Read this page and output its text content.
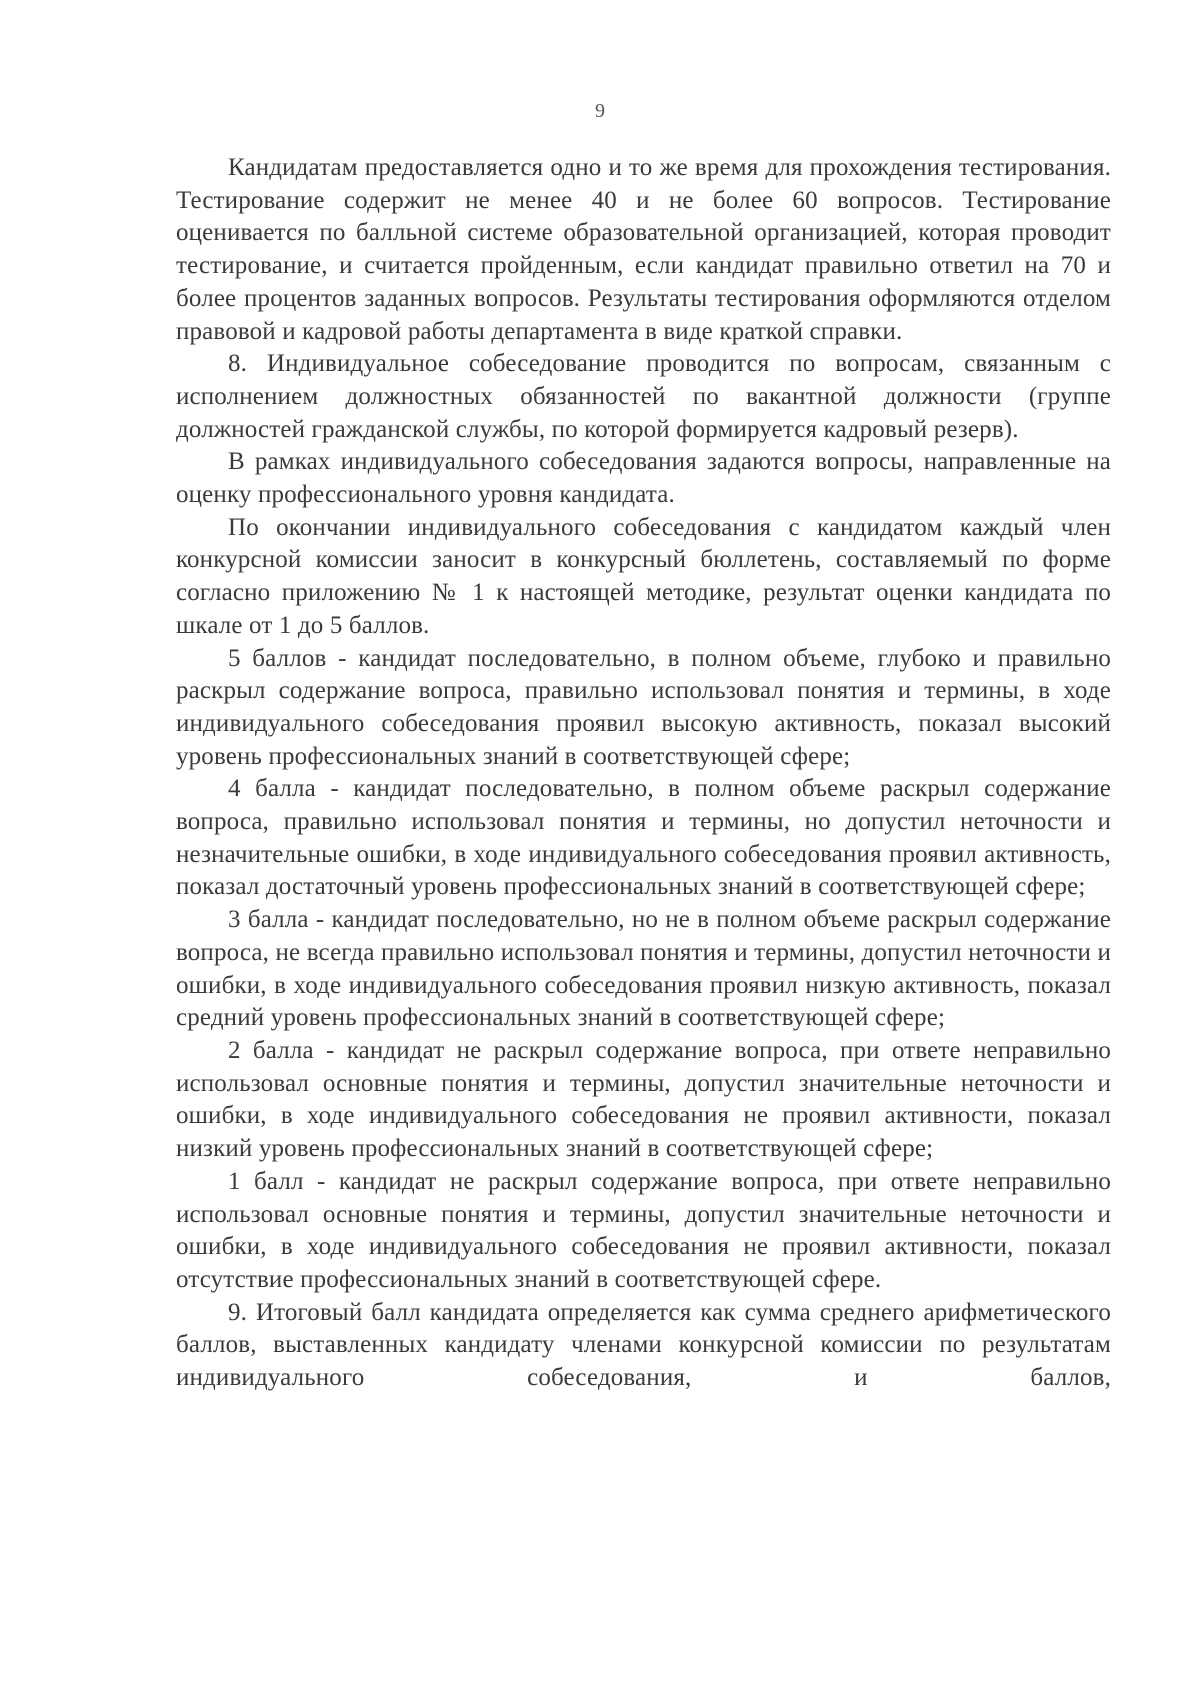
9

Кандидатам предоставляется одно и то же время для прохождения тестирования. Тестирование содержит не менее 40 и не более 60 вопросов. Тестирование оценивается по балльной системе образовательной организацией, которая проводит тестирование, и считается пройденным, если кандидат правильно ответил на 70 и более процентов заданных вопросов. Результаты тестирования оформляются отделом правовой и кадровой работы департамента в виде краткой справки.

8. Индивидуальное собеседование проводится по вопросам, связанным с исполнением должностных обязанностей по вакантной должности (группе должностей гражданской службы, по которой формируется кадровый резерв).

В рамках индивидуального собеседования задаются вопросы, направленные на оценку профессионального уровня кандидата.

По окончании индивидуального собеседования с кандидатом каждый член конкурсной комиссии заносит в конкурсный бюллетень, составляемый по форме согласно приложению № 1 к настоящей методике, результат оценки кандидата по шкале от 1 до 5 баллов.

5 баллов - кандидат последовательно, в полном объеме, глубоко и правильно раскрыл содержание вопроса, правильно использовал понятия и термины, в ходе индивидуального собеседования проявил высокую активность, показал высокий уровень профессиональных знаний в соответствующей сфере;

4 балла - кандидат последовательно, в полном объеме раскрыл содержание вопроса, правильно использовал понятия и термины, но допустил неточности и незначительные ошибки, в ходе индивидуального собеседования проявил активность, показал достаточный уровень профессиональных знаний в соответствующей сфере;

3 балла - кандидат последовательно, но не в полном объеме раскрыл содержание вопроса, не всегда правильно использовал понятия и термины, допустил неточности и ошибки, в ходе индивидуального собеседования проявил низкую активность, показал средний уровень профессиональных знаний в соответствующей сфере;

2 балла - кандидат не раскрыл содержание вопроса, при ответе неправильно использовал основные понятия и термины, допустил значительные неточности и ошибки, в ходе индивидуального собеседования не проявил активности, показал низкий уровень профессиональных знаний в соответствующей сфере;

1 балл - кандидат не раскрыл содержание вопроса, при ответе неправильно использовал основные понятия и термины, допустил значительные неточности и ошибки, в ходе индивидуального собеседования не проявил активности, показал отсутствие профессиональных знаний в соответствующей сфере.

9. Итоговый балл кандидата определяется как сумма среднего арифметического баллов, выставленных кандидату членами конкурсной комиссии по результатам индивидуального собеседования, и баллов,
